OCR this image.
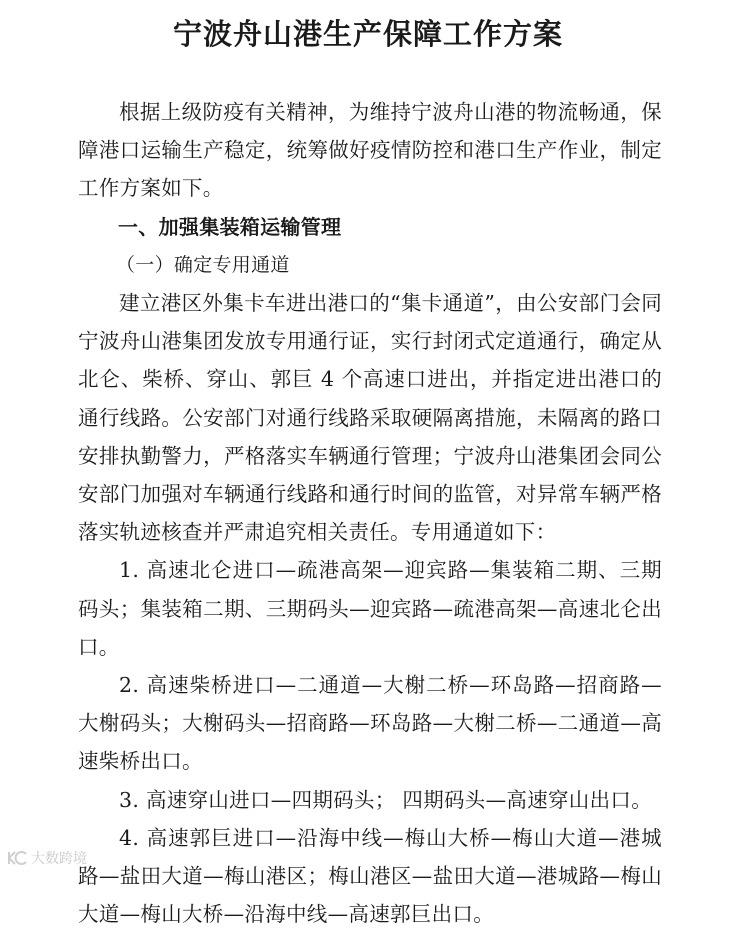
宁波舟山港生产保障工作方案

根据上级防疫有关精神，为维持宁波舟山港的物流畅通，保障港口运输生产稳定，统筹做好疫情防控和港口生产作业，制定工作方案如下。

一、加强集装箱运输管理

（一）确定专用通道

建立港区外集卡车进出港口的“集卡通道”，由公安部门会同宁波舟山港集团发放专用通行证，实行封闭式定道通行，确定从北仑、柴桥、穿山、郭巨 4 个高速口进出，并指定进出港口的通行线路。公安部门对通行线路采取硬隔离措施，未隔离的路口安排执勤警力，严格落实车辆通行管理；宁波舟山港集团会同公安部门加强对车辆通行线路和通行时间的监管，对异常车辆严格落实轨迹核查并严肃追究相关责任。专用通道如下：

1. 高速北仑进口—疏港高架—迎宾路—集装箱二期、三期码头；集装箱二期、三期码头—迎宾路—疏港高架—高速北仑出口。

2. 高速柴桥进口—二通道—大榭二桥—环岛路—招商路—大榭码头；大榭码头—招商路—环岛路—大榭二桥—二通道—高速柴桥出口。

3. 高速穿山进口—四期码头； 四期码头—高速穿山出口。

4. 高速郭巨进口—沿海中线—梅山大桥—梅山大道—港城路—盐田大道—梅山港区；梅山港区—盐田大道—港城路—梅山大道—梅山大桥—沿海中线—高速郭巨出口。

大数跨境
